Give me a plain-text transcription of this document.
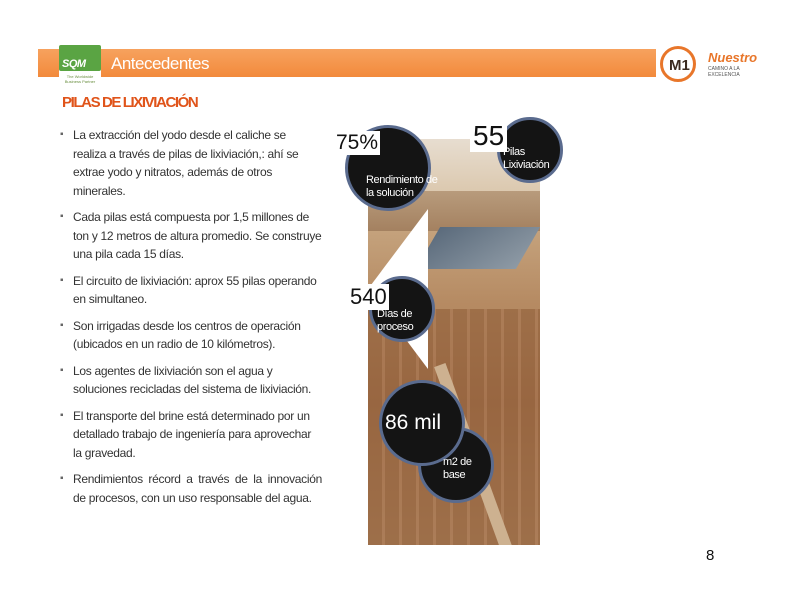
Antecedentes
SQM
The Worldwide Business Partner
M1 Nuestro
CAMINO A LA EXCELENCIA
PILAS DE LIXIVIACIÓN
▪ La extracción del yodo desde el caliche se realiza a través de pilas de lixiviación,: ahí se extrae yodo y nitratos, además de otros minerales.
▪ Cada pilas está compuesta por 1,5 millones de ton y 12 metros de altura promedio. Se construye una pila cada 15 días.
▪ El circuito de lixiviación: aprox 55 pilas operando en simultaneo.
▪ Son irrigadas desde los centros de operación (ubicados en un radio de 10 kilómetros).
▪ Los agentes de lixiviación son el agua y soluciones recicladas del sistema de lixiviación.
▪ El transporte del brine está determinado por un detallado trabajo de ingeniería para aprovechar la gravedad.
▪ Rendimientos récord a través de la innovación de procesos, con un uso responsable del agua.
75%
Rendimiento de la solución
55
Pilas Lixiviación
540
Días de proceso
86 mil
m2 de base
8
